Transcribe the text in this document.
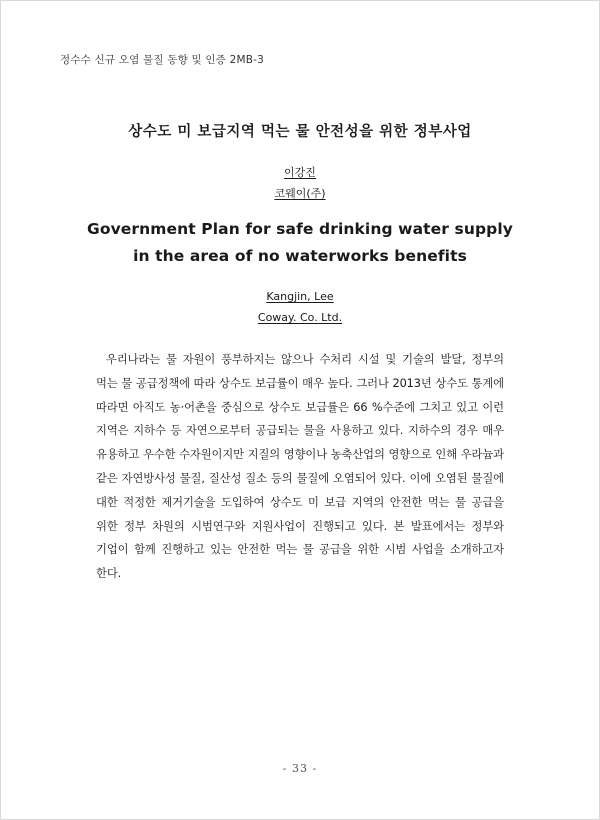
정수수 신규 오염 물질 동향 및 인증 2MB-3
상수도 미 보급지역 먹는 물 안전성을 위한 정부사업
이강진
코웨이(주)
Government Plan for safe drinking water supply in the area of no waterworks benefits
Kangjin, Lee
Coway. Co. Ltd.

우리나라는 물 자원이 풍부하지는 않으나 수처리 시설 및 기술의 발달, 정부의 먹는 물 공급정책에 따라 상수도 보급률이 매우 높다. 그러나 2013년 상수도 통계에 따라면 아직도 농·어촌을 중심으로 상수도 보급률은 66 %수준에 그치고 있고 이런 지역은 지하수 등 자연으로부터 공급되는 물을 사용하고 있다. 지하수의 경우 매우 유용하고 우수한 수자원이지만 지질의 영향이나 농축산업의 영향으로 인해 우라늄과 같은 자연방사성 물질, 질산성 질소 등의 물질에 오염되어 있다. 이에 오염된 물질에 대한 적정한 제거기술을 도입하여 상수도 미 보급 지역의 안전한 먹는 물 공급을 위한 정부 차원의 시범연구와 지원사업이 진행되고 있다. 본 발표에서는 정부와 기업이 함께 진행하고 있는 안전한 먹는 물 공급을 위한 시범 사업을 소개하고자 한다.

- 33 -
